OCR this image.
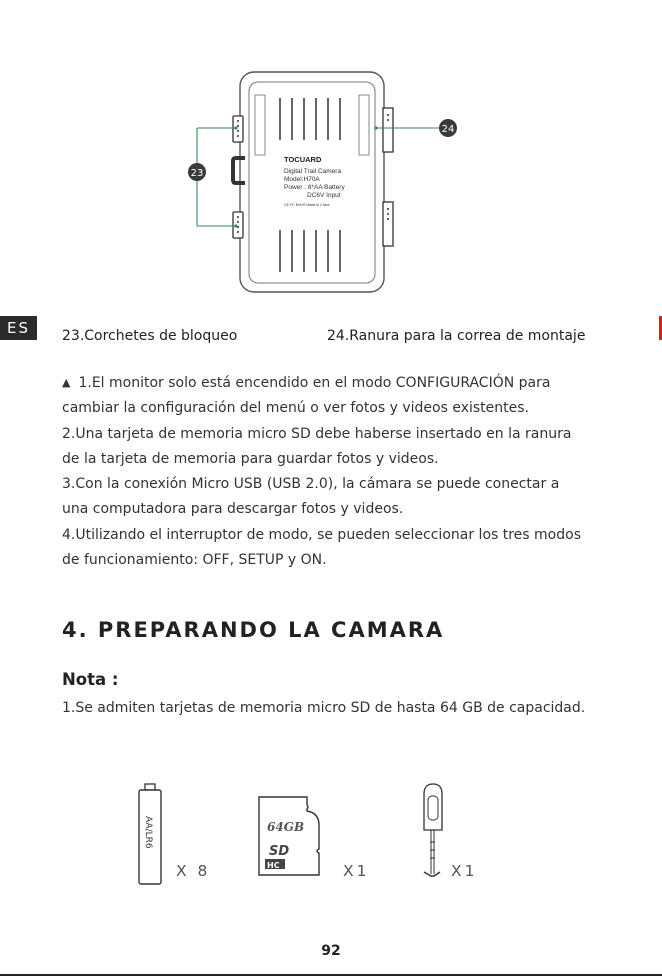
ES
TOCUARD
Digital Trail Camera
Model:H70A
Power : 8*AA Battery
DC6V Input
CE FC RoHS Made in China
23
24
23.Corchetes de bloqueo	24.Ranura para la correa de montaje
▲ 1.El monitor solo está encendido en el modo CONFIGURACIÓN para
cambiar la configuración del menú o ver fotos y videos existentes.
2.Una tarjeta de memoria micro SD debe haberse insertado en la ranura
de la tarjeta de memoria para guardar fotos y videos.
3.Con la conexión Micro USB (USB 2.0), la cámara se puede conectar a
una computadora para descargar fotos y videos.
4.Utilizando el interruptor de modo, se pueden seleccionar los tres modos
de funcionamiento: OFF, SETUP y ON.
4. PREPARANDO LA CAMARA
Nota :
1.Se admiten tarjetas de memoria micro SD de hasta 64 GB de capacidad.
AA/LR6
X 8
64GB
SD
HC	X1	X1
92
